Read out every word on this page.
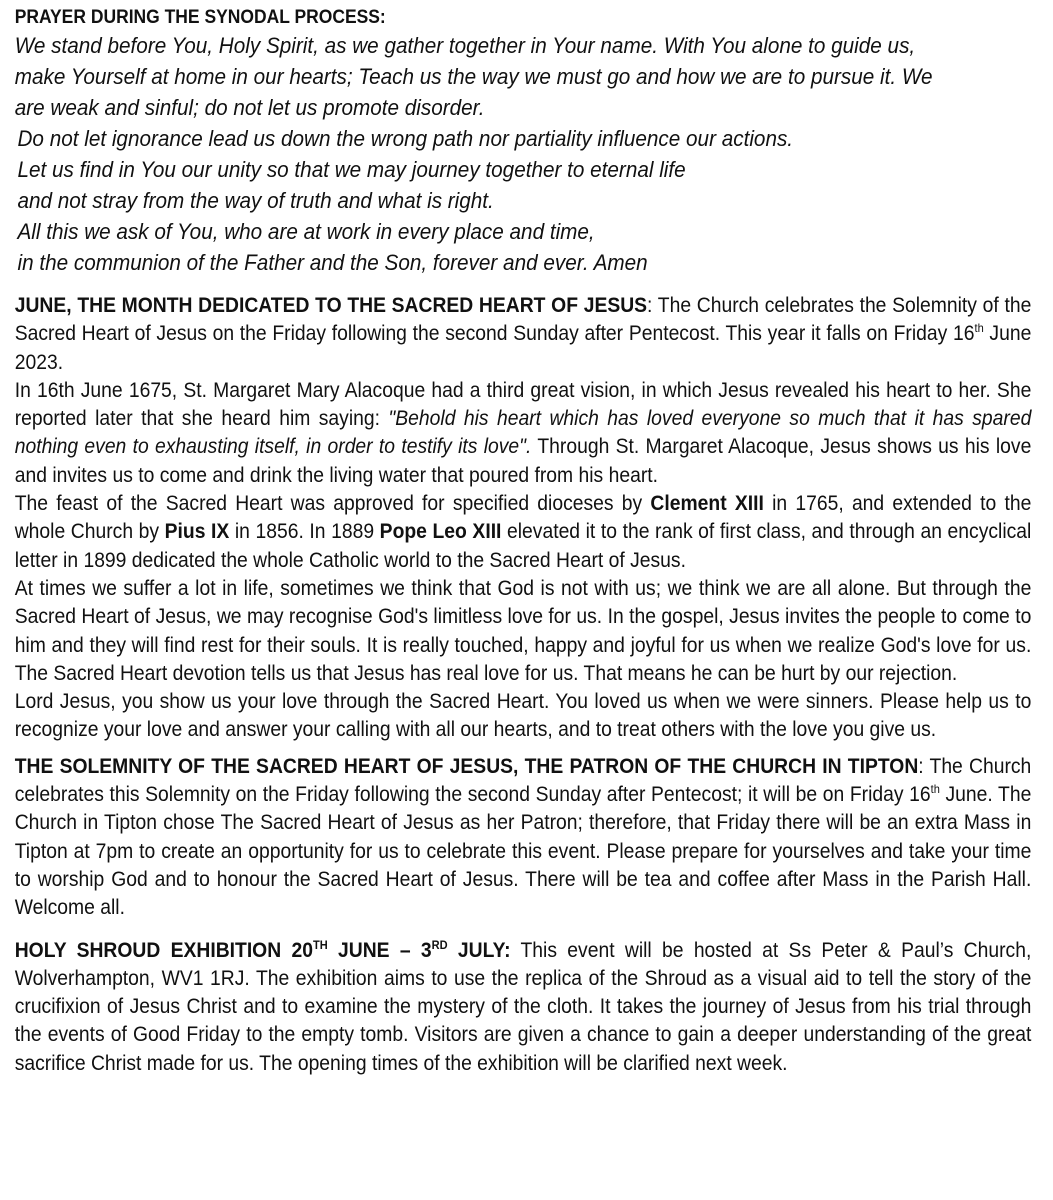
PRAYER DURING THE SYNODAL PROCESS:

We stand before You, Holy Spirit, as we gather together in Your name. With You alone to guide us,

make Yourself at home in our hearts; Teach us the way we must go and how we are to pursue it. We

are weak and sinful; do not let us promote disorder.

Do not let ignorance lead us down the wrong path nor partiality influence our actions.

Let us find in You our unity so that we may journey together to eternal life

and not stray from the way of truth and what is right.

All this we ask of You, who are at work in every place and time,

in the communion of the Father and the Son, forever and ever. Amen

JUNE, THE MONTH DEDICATED TO THE SACRED HEART OF JESUS: The Church celebrates the Solemnity of the Sacred Heart of Jesus on the Friday following the second Sunday after Pentecost. This year it falls on Friday 16th June 2023.

In 16th June 1675, St. Margaret Mary Alacoque had a third great vision, in which Jesus revealed his heart to her. She reported later that she heard him saying: "Behold his heart which has loved everyone so much that it has spared nothing even to exhausting itself, in order to testify its love". Through St. Margaret Alacoque, Jesus shows us his love and invites us to come and drink the living water that poured from his heart.

The feast of the Sacred Heart was approved for specified dioceses by Clement XIII in 1765, and extended to the whole Church by Pius IX in 1856. In 1889 Pope Leo XIII elevated it to the rank of first class, and through an encyclical letter in 1899 dedicated the whole Catholic world to the Sacred Heart of Jesus.

At times we suffer a lot in life, sometimes we think that God is not with us; we think we are all alone. But through the Sacred Heart of Jesus, we may recognise God's limitless love for us. In the gospel, Jesus invites the people to come to him and they will find rest for their souls. It is really touched, happy and joyful for us when we realize God's love for us. The Sacred Heart devotion tells us that Jesus has real love for us. That means he can be hurt by our rejection.

Lord Jesus, you show us your love through the Sacred Heart. You loved us when we were sinners. Please help us to recognize your love and answer your calling with all our hearts, and to treat others with the love you give us.

THE SOLEMNITY OF THE SACRED HEART OF JESUS, THE PATRON OF THE CHURCH IN TIPTON: The Church celebrates this Solemnity on the Friday following the second Sunday after Pentecost; it will be on Friday 16th June. The Church in Tipton chose The Sacred Heart of Jesus as her Patron; therefore, that Friday there will be an extra Mass in Tipton at 7pm to create an opportunity for us to celebrate this event. Please prepare for yourselves and take your time to worship God and to honour the Sacred Heart of Jesus. There will be tea and coffee after Mass in the Parish Hall. Welcome all.

HOLY SHROUD EXHIBITION 20TH JUNE – 3RD JULY: This event will be hosted at Ss Peter & Paul’s Church, Wolverhampton, WV1 1RJ. The exhibition aims to use the replica of the Shroud as a visual aid to tell the story of the crucifixion of Jesus Christ and to examine the mystery of the cloth. It takes the journey of Jesus from his trial through the events of Good Friday to the empty tomb. Visitors are given a chance to gain a deeper understanding of the great sacrifice Christ made for us. The opening times of the exhibition will be clarified next week.
